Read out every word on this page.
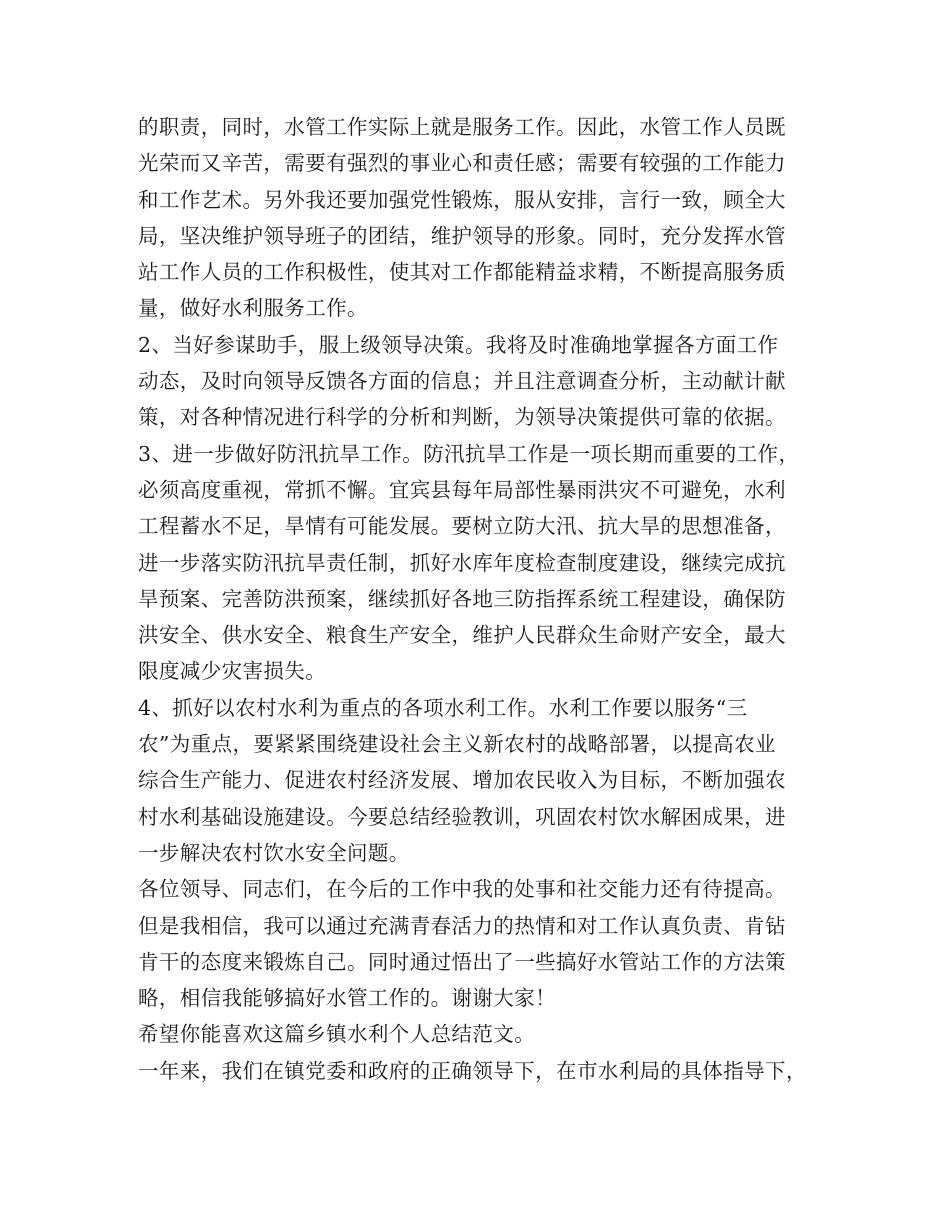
的职责，同时，水管工作实际上就是服务工作。因此，水管工作人员既
光荣而又辛苦，需要有强烈的事业心和责任感；需要有较强的工作能力
和工作艺术。另外我还要加强党性锻炼，服从安排，言行一致，顾全大
局，坚决维护领导班子的团结，维护领导的形象。同时，充分发挥水管
站工作人员的工作积极性，使其对工作都能精益求精，不断提高服务质
量，做好水利服务工作。
2、当好参谋助手，服上级领导决策。我将及时准确地掌握各方面工作
动态，及时向领导反馈各方面的信息；并且注意调查分析，主动献计献
策，对各种情况进行科学的分析和判断，为领导决策提供可靠的依据。
3、进一步做好防汛抗旱工作。防汛抗旱工作是一项长期而重要的工作，
必须高度重视，常抓不懈。宜宾县每年局部性暴雨洪灾不可避免，水利
工程蓄水不足，旱情有可能发展。要树立防大汛、抗大旱的思想准备，
进一步落实防汛抗旱责任制，抓好水库年度检查制度建设，继续完成抗
旱预案、完善防洪预案，继续抓好各地三防指挥系统工程建设，确保防
洪安全、供水安全、粮食生产安全，维护人民群众生命财产安全，最大
限度减少灾害损失。
4、抓好以农村水利为重点的各项水利工作。水利工作要以服务“三
农”为重点，要紧紧围绕建设社会主义新农村的战略部署，以提高农业
综合生产能力、促进农村经济发展、增加农民收入为目标，不断加强农
村水利基础设施建设。今要总结经验教训，巩固农村饮水解困成果，进
一步解决农村饮水安全问题。
各位领导、同志们，在今后的工作中我的处事和社交能力还有待提高。
但是我相信，我可以通过充满青春活力的热情和对工作认真负责、肯钻
肯干的态度来锻炼自己。同时通过悟出了一些搞好水管站工作的方法策
略，相信我能够搞好水管工作的。谢谢大家！
希望你能喜欢这篇乡镇水利个人总结范文。
一年来，我们在镇党委和政府的正确领导下，在市水利局的具体指导下，
